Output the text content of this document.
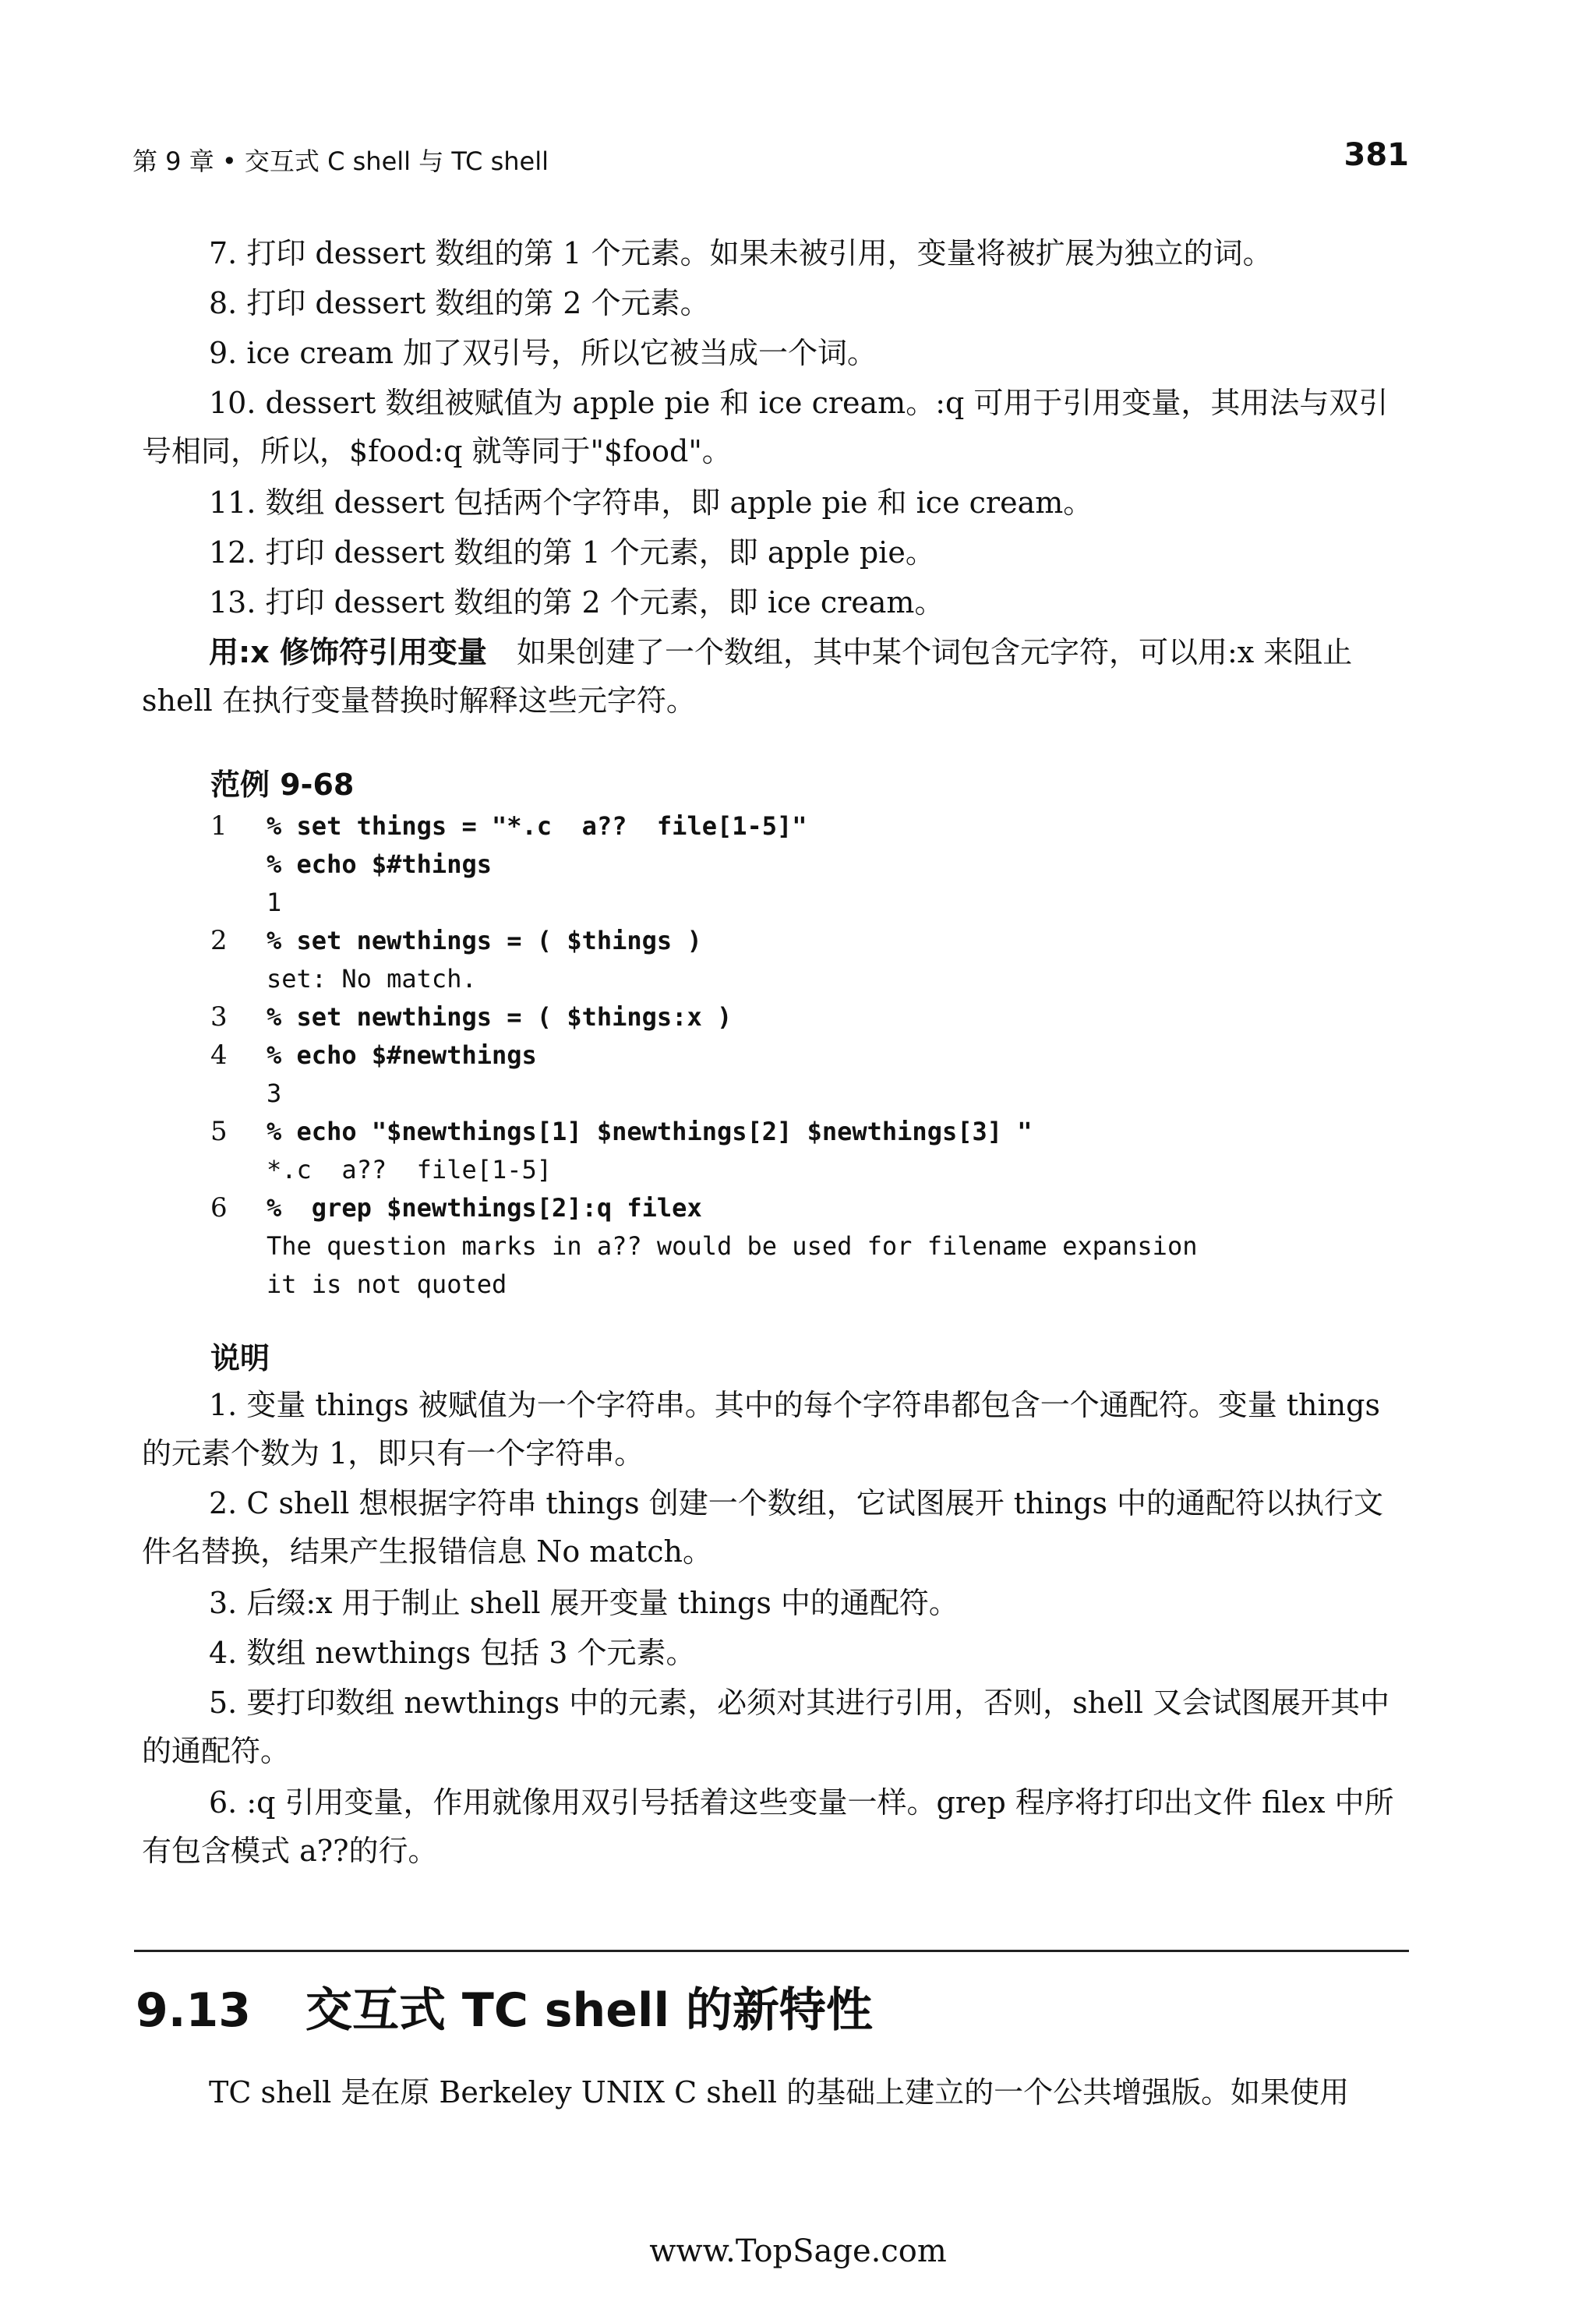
第 9 章 • 交互式 C shell 与 TC shell	381

7. 打印 dessert 数组的第 1 个元素。如果未被引用，变量将被扩展为独立的词。

8. 打印 dessert 数组的第 2 个元素。

9. ice cream 加了双引号，所以它被当成一个词。

10. dessert 数组被赋值为 apple pie 和 ice cream。:q 可用于引用变量，其用法与双引号相同，所以，$food:q 就等同于"$food"。

11. 数组 dessert 包括两个字符串，即 apple pie 和 ice cream。

12. 打印 dessert 数组的第 1 个元素，即 apple pie。

13. 打印 dessert 数组的第 2 个元素，即 ice cream。

用:x 修饰符引用变量　如果创建了一个数组，其中某个词包含元字符，可以用:x 来阻止 shell 在执行变量替换时解释这些元字符。

范例 9-68
1	% set things = "*.c  a??  file[1-5]"
% echo $#things
1
2	% set newthings = ( $things )
set: No match.
3	% set newthings = ( $things:x )
4	% echo $#newthings
3
5	% echo "$newthings[1] $newthings[2] $newthings[3] "
*.c  a??  file[1-5]
6	%  grep $newthings[2]:q filex
The question marks in a?? would be used for filename expansion
it is not quoted
说明

1. 变量 things 被赋值为一个字符串。其中的每个字符串都包含一个通配符。变量 things 的元素个数为 1，即只有一个字符串。

2. C shell 想根据字符串 things 创建一个数组，它试图展开 things 中的通配符以执行文件名替换，结果产生报错信息 No match。

3. 后缀:x 用于制止 shell 展开变量 things 中的通配符。

4. 数组 newthings 包括 3 个元素。

5. 要打印数组 newthings 中的元素，必须对其进行引用，否则，shell 又会试图展开其中的通配符。

6. :q 引用变量，作用就像用双引号括着这些变量一样。grep 程序将打印出文件 filex 中所有包含模式 a??的行。

9.13 交互式 TC shell 的新特性

TC shell 是在原 Berkeley UNIX C shell 的基础上建立的一个公共增强版。如果使用

www.TopSage.com
